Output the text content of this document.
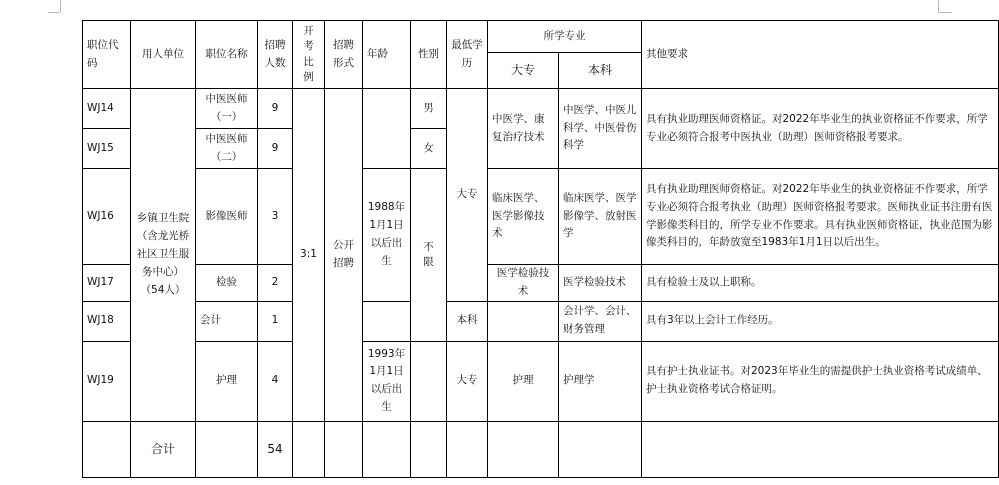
职位代码	用人单位	职位名称	招聘人数	开考比例	招聘形式	年龄	性别	最低学历	所学专业		其他要求
									大专	本科	
WJ14	乡镇卫生院（含龙光桥社区卫生服务中心）（54人）	中医医师（一）	9	3:1	公开招聘		男	大专	中医学、康复治疗技术	中医学、中医儿科学、中医骨伤科学	具有执业助理医师资格证。对2022年毕业生的执业资格证不作要求，所学专业必须符合报考中医执业（助理）医师资格报考要求。
WJ15		中医医师（二）	9				女				
WJ16		影像医师	3			1988年1月1日以后出生	不限		临床医学、医学影像技术	临床医学、医学影像学、放射医学	具有执业助理医师资格证。对2022年毕业生的执业资格证不作要求，所学专业必须符合报考执业（助理）医师资格报考要求。医师执业证书注册有医学影像类科目的，所学专业不作要求。具有执业医师资格证，执业范围为影像类科目的，年龄放宽至1983年1月1日以后出生。
WJ17		检验	2						医学检验技术	医学检验技术	具有检验士及以上职称。
WJ18		会计	1					本科		会计学、会计、财务管理	具有3年以上会计工作经历。
WJ19		护理	4			1993年1月1日以后出生		大专	护理	护理学	具有护士执业证书。对2023年毕业生的需提供护士执业资格考试成绩单、护士执业资格考试合格证明。
	合计		54								
